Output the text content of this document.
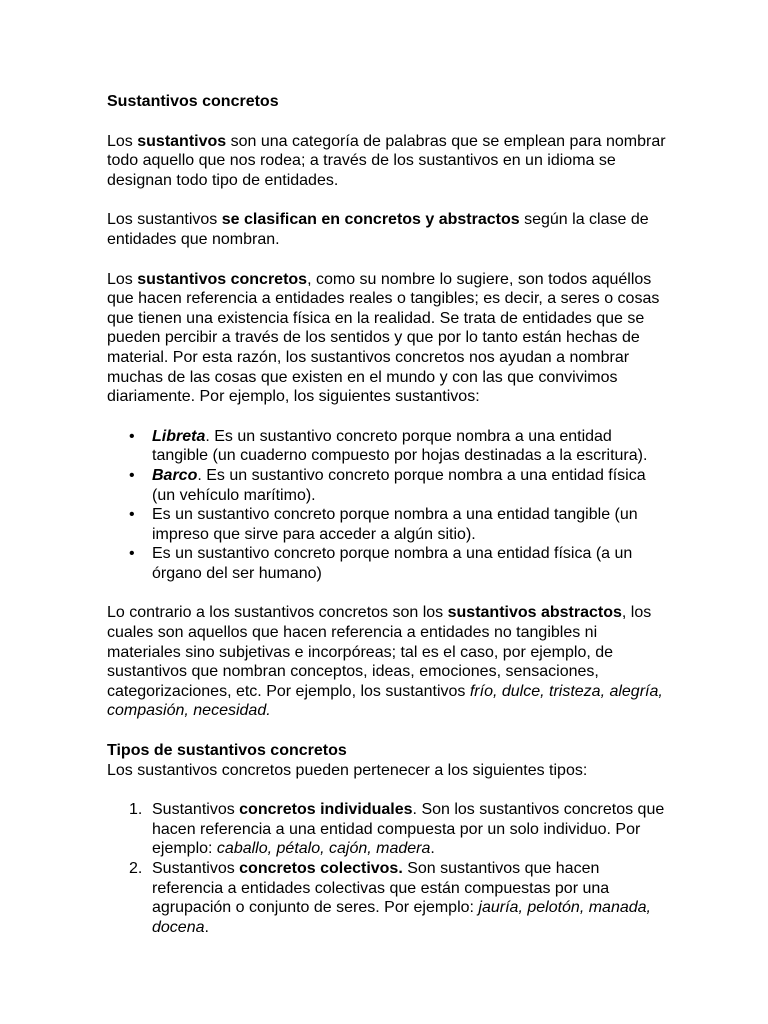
Sustantivos concretos

Los sustantivos son una categoría de palabras que se emplean para nombrar todo aquello que nos rodea; a través de los sustantivos en un idioma se designan todo tipo de entidades.

Los sustantivos se clasifican en concretos y abstractos según la clase de entidades que nombran.

Los sustantivos concretos, como su nombre lo sugiere, son todos aquéllos que hacen referencia a entidades reales o tangibles; es decir, a seres o cosas que tienen una existencia física en la realidad. Se trata de entidades que se pueden percibir a través de los sentidos y que por lo tanto están hechas de material. Por esta razón, los sustantivos concretos nos ayudan a nombrar muchas de las cosas que existen en el mundo y con las que convivimos diariamente. Por ejemplo, los siguientes sustantivos:

• Libreta. Es un sustantivo concreto porque nombra a una entidad tangible (un cuaderno compuesto por hojas destinadas a la escritura).
• Barco. Es un sustantivo concreto porque nombra a una entidad física (un vehículo marítimo).
• Es un sustantivo concreto porque nombra a una entidad tangible (un impreso que sirve para acceder a algún sitio).
• Es un sustantivo concreto porque nombra a una entidad física (a un órgano del ser humano)

Lo contrario a los sustantivos concretos son los sustantivos abstractos, los cuales son aquellos que hacen referencia a entidades no tangibles ni materiales sino subjetivas e incorpóreas; tal es el caso, por ejemplo, de sustantivos que nombran conceptos, ideas, emociones, sensaciones, categorizaciones, etc. Por ejemplo, los sustantivos frío, dulce, tristeza, alegría, compasión, necesidad.

Tipos de sustantivos concretos

Los sustantivos concretos pueden pertenecer a los siguientes tipos:

1. Sustantivos concretos individuales. Son los sustantivos concretos que hacen referencia a una entidad compuesta por un solo individuo. Por ejemplo: caballo, pétalo, cajón, madera.
2. Sustantivos concretos colectivos. Son sustantivos que hacen referencia a entidades colectivas que están compuestas por una agrupación o conjunto de seres. Por ejemplo: jauría, pelotón, manada, docena.
